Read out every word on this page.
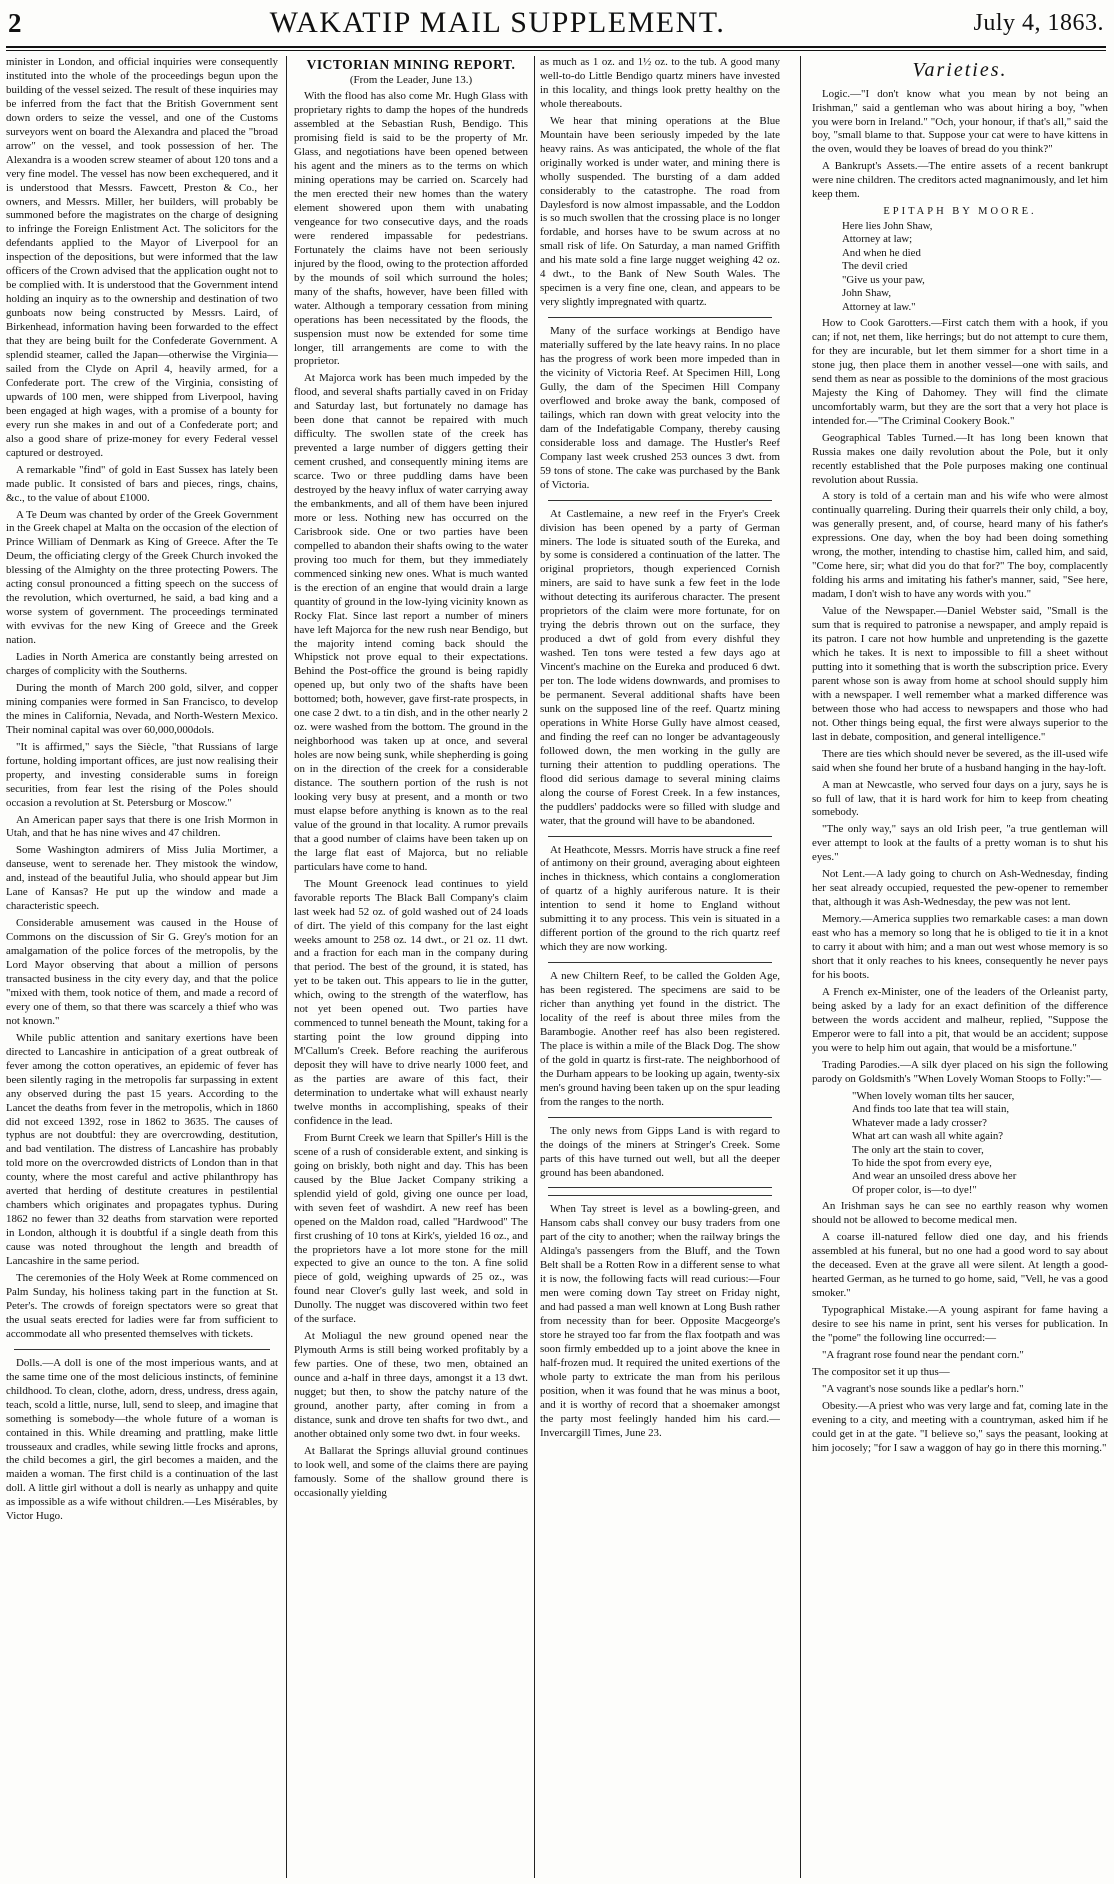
2	WAKATIP MAIL SUPPLEMENT.	July 4, 1863.

minister in London, and official inquiries were consequently instituted into the whole of the proceedings begun upon the building of the vessel seized. The result of these inquiries may be inferred from the fact that the British Government sent down orders to seize the vessel, and one of the Customs surveyors went on board the Alexandra and placed the "broad arrow" on the vessel, and took possession of her. The Alexandra is a wooden screw steamer of about 120 tons and a very fine model. The vessel has now been exchequered, and it is understood that Messrs. Fawcett, Preston & Co., her owners, and Messrs. Miller, her builders, will probably be summoned before the magistrates on the charge of designing to infringe the Foreign Enlistment Act. The solicitors for the defendants applied to the Mayor of Liverpool for an inspection of the depositions, but were informed that the law officers of the Crown advised that the application ought not to be complied with. It is understood that the Government intend holding an inquiry as to the ownership and destination of two gunboats now being constructed by Messrs. Laird, of Birkenhead, information having been forwarded to the effect that they are being built for the Confederate Government. A splendid steamer, called the Japan—otherwise the Virginia—sailed from the Clyde on April 4, heavily armed, for a Confederate port. The crew of the Virginia, consisting of upwards of 100 men, were shipped from Liverpool, having been engaged at high wages, with a promise of a bounty for every run she makes in and out of a Confederate port; and also a good share of prize-money for every Federal vessel captured or destroyed.

A remarkable "find" of gold in East Sussex has lately been made public. It consisted of bars and pieces, rings, chains, &c., to the value of about £1000.

A Te Deum was chanted by order of the Greek Government in the Greek chapel at Malta on the occasion of the election of Prince William of Denmark as King of Greece. After the Te Deum, the officiating clergy of the Greek Church invoked the blessing of the Almighty on the three protecting Powers. The acting consul pronounced a fitting speech on the success of the revolution, which overturned, he said, a bad king and a worse system of government. The proceedings terminated with evvivas for the new King of Greece and the Greek nation.

Ladies in North America are constantly being arrested on charges of complicity with the Southerns.

During the month of March 200 gold, silver, and copper mining companies were formed in San Francisco, to develop the mines in California, Nevada, and North-Western Mexico. Their nominal capital was over 60,000,000dols.

"It is affirmed," says the Siècle, "that Russians of large fortune, holding important offices, are just now realising their property, and investing considerable sums in foreign securities, from fear lest the rising of the Poles should occasion a revolution at St. Petersburg or Moscow."

An American paper says that there is one Irish Mormon in Utah, and that he has nine wives and 47 children.

Some Washington admirers of Miss Julia Mortimer, a danseuse, went to serenade her. They mistook the window, and, instead of the beautiful Julia, who should appear but Jim Lane of Kansas? He put up the window and made a characteristic speech.

Considerable amusement was caused in the House of Commons on the discussion of Sir G. Grey's motion for an amalgamation of the police forces of the metropolis, by the Lord Mayor observing that about a million of persons transacted business in the city every day, and that the police "mixed with them, took notice of them, and made a record of every one of them, so that there was scarcely a thief who was not known."

While public attention and sanitary exertions have been directed to Lancashire in anticipation of a great outbreak of fever among the cotton operatives, an epidemic of fever has been silently raging in the metropolis far surpassing in extent any observed during the past 15 years. According to the Lancet the deaths from fever in the metropolis, which in 1860 did not exceed 1392, rose in 1862 to 3635. The causes of typhus are not doubtful: they are overcrowding, destitution, and bad ventilation. The distress of Lancashire has probably told more on the overcrowded districts of London than in that county, where the most careful and active philanthropy has averted that herding of destitute creatures in pestilential chambers which originates and propagates typhus. During 1862 no fewer than 32 deaths from starvation were reported in London, although it is doubtful if a single death from this cause was noted throughout the length and breadth of Lancashire in the same period.

The ceremonies of the Holy Week at Rome commenced on Palm Sunday, his holiness taking part in the function at St. Peter's. The crowds of foreign spectators were so great that the usual seats erected for ladies were far from sufficient to accommodate all who presented themselves with tickets.

Dolls.—A doll is one of the most imperious wants, and at the same time one of the most delicious instincts, of feminine childhood. To clean, clothe, adorn, dress, undress, dress again, teach, scold a little, nurse, lull, send to sleep, and imagine that something is somebody—the whole future of a woman is contained in this. While dreaming and prattling, make little trousseaux and cradles, while sewing little frocks and aprons, the child becomes a girl, the girl becomes a maiden, and the maiden a woman. The first child is a continuation of the last doll. A little girl without a doll is nearly as unhappy and quite as impossible as a wife without children.—Les Misérables, by Victor Hugo.

VICTORIAN MINING REPORT.

(From the Leader, June 13.)

With the flood has also come Mr. Hugh Glass with proprietary rights to damp the hopes of the hundreds assembled at the Sebastian Rush, Bendigo. This promising field is said to be the property of Mr. Glass, and negotiations have been opened between his agent and the miners as to the terms on which mining operations may be carried on. Scarcely had the men erected their new homes than the watery element showered upon them with unabating vengeance for two consecutive days, and the roads were rendered impassable for pedestrians. Fortunately the claims have not been seriously injured by the flood, owing to the protection afforded by the mounds of soil which surround the holes; many of the shafts, however, have been filled with water. Although a temporary cessation from mining operations has been necessitated by the floods, the suspension must now be extended for some time longer, till arrangements are come to with the proprietor.

At Majorca work has been much impeded by the flood, and several shafts partially caved in on Friday and Saturday last, but fortunately no damage has been done that cannot be repaired with much difficulty. The swollen state of the creek has prevented a large number of diggers getting their cement crushed, and consequently mining items are scarce. Two or three puddling dams have been destroyed by the heavy influx of water carrying away the embankments, and all of them have been injured more or less. Nothing new has occurred on the Carisbrook side. One or two parties have been compelled to abandon their shafts owing to the water proving too much for them, but they immediately commenced sinking new ones. What is much wanted is the erection of an engine that would drain a large quantity of ground in the low-lying vicinity known as Rocky Flat. Since last report a number of miners have left Majorca for the new rush near Bendigo, but the majority intend coming back should the Whipstick not prove equal to their expectations. Behind the Post-office the ground is being rapidly opened up, but only two of the shafts have been bottomed; both, however, gave first-rate prospects, in one case 2 dwt. to a tin dish, and in the other nearly 2 oz. were washed from the bottom. The ground in the neighborhood was taken up at once, and several holes are now being sunk, while shepherding is going on in the direction of the creek for a considerable distance. The southern portion of the rush is not looking very busy at present, and a month or two must elapse before anything is known as to the real value of the ground in that locality. A rumor prevails that a good number of claims have been taken up on the large flat east of Majorca, but no reliable particulars have come to hand.

The Mount Greenock lead continues to yield favorable reports The Black Ball Company's claim last week had 52 oz. of gold washed out of 24 loads of dirt. The yield of this company for the last eight weeks amount to 258 oz. 14 dwt., or 21 oz. 11 dwt. and a fraction for each man in the company during that period. The best of the ground, it is stated, has yet to be taken out. This appears to lie in the gutter, which, owing to the strength of the waterflow, has not yet been opened out. Two parties have commenced to tunnel beneath the Mount, taking for a starting point the low ground dipping into M'Callum's Creek. Before reaching the auriferous deposit they will have to drive nearly 1000 feet, and as the parties are aware of this fact, their determination to undertake what will exhaust nearly twelve months in accomplishing, speaks of their confidence in the lead.

From Burnt Creek we learn that Spiller's Hill is the scene of a rush of considerable extent, and sinking is going on briskly, both night and day. This has been caused by the Blue Jacket Company striking a splendid yield of gold, giving one ounce per load, with seven feet of washdirt. A new reef has been opened on the Maldon road, called "Hardwood" The first crushing of 10 tons at Kirk's, yielded 16 oz., and the proprietors have a lot more stone for the mill expected to give an ounce to the ton. A fine solid piece of gold, weighing upwards of 25 oz., was found near Clover's gully last week, and sold in Dunolly. The nugget was discovered within two feet of the surface.

At Moliagul the new ground opened near the Plymouth Arms is still being worked profitably by a few parties. One of these, two men, obtained an ounce and a-half in three days, amongst it a 13 dwt. nugget; but then, to show the patchy nature of the ground, another party, after coming in from a distance, sunk and drove ten shafts for two dwt., and another obtained only some two dwt. in four weeks.

At Ballarat the Springs alluvial ground continues to look well, and some of the claims there are paying famously. Some of the shallow ground there is occasionally yielding

as much as 1 oz. and 1½ oz. to the tub. A good many well-to-do Little Bendigo quartz miners have invested in this locality, and things look pretty healthy on the whole thereabouts.

We hear that mining operations at the Blue Mountain have been seriously impeded by the late heavy rains. As was anticipated, the whole of the flat originally worked is under water, and mining there is wholly suspended. The bursting of a dam added considerably to the catastrophe. The road from Daylesford is now almost impassable, and the Loddon is so much swollen that the crossing place is no longer fordable, and horses have to be swum across at no small risk of life. On Saturday, a man named Griffith and his mate sold a fine large nugget weighing 42 oz. 4 dwt., to the Bank of New South Wales. The specimen is a very fine one, clean, and appears to be very slightly impregnated with quartz.

Many of the surface workings at Bendigo have materially suffered by the late heavy rains. In no place has the progress of work been more impeded than in the vicinity of Victoria Reef. At Specimen Hill, Long Gully, the dam of the Specimen Hill Company overflowed and broke away the bank, composed of tailings, which ran down with great velocity into the dam of the Indefatigable Company, thereby causing considerable loss and damage. The Hustler's Reef Company last week crushed 253 ounces 3 dwt. from 59 tons of stone. The cake was purchased by the Bank of Victoria.

At Castlemaine, a new reef in the Fryer's Creek division has been opened by a party of German miners. The lode is situated south of the Eureka, and by some is considered a continuation of the latter. The original proprietors, though experienced Cornish miners, are said to have sunk a few feet in the lode without detecting its auriferous character. The present proprietors of the claim were more fortunate, for on trying the debris thrown out on the surface, they produced a dwt of gold from every dishful they washed. Ten tons were tested a few days ago at Vincent's machine on the Eureka and produced 6 dwt. per ton. The lode widens downwards, and promises to be permanent. Several additional shafts have been sunk on the supposed line of the reef. Quartz mining operations in White Horse Gully have almost ceased, and finding the reef can no longer be advantageously followed down, the men working in the gully are turning their attention to puddling operations. The flood did serious damage to several mining claims along the course of Forest Creek. In a few instances, the puddlers' paddocks were so filled with sludge and water, that the ground will have to be abandoned.

At Heathcote, Messrs. Morris have struck a fine reef of antimony on their ground, averaging about eighteen inches in thickness, which contains a conglomeration of quartz of a highly auriferous nature. It is their intention to send it home to England without submitting it to any process. This vein is situated in a different portion of the ground to the rich quartz reef which they are now working.

A new Chiltern Reef, to be called the Golden Age, has been registered. The specimens are said to be richer than anything yet found in the district. The locality of the reef is about three miles from the Barambogie. Another reef has also been registered. The place is within a mile of the Black Dog. The show of the gold in quartz is first-rate. The neighborhood of the Durham appears to be looking up again, twenty-six men's ground having been taken up on the spur leading from the ranges to the north.

The only news from Gipps Land is with regard to the doings of the miners at Stringer's Creek. Some parts of this have turned out well, but all the deeper ground has been abandoned.

When Tay street is level as a bowling-green, and Hansom cabs shall convey our busy traders from one part of the city to another; when the railway brings the Aldinga's passengers from the Bluff, and the Town Belt shall be a Rotten Row in a different sense to what it is now, the following facts will read curious:—Four men were coming down Tay street on Friday night, and had passed a man well known at Long Bush rather from necessity than for beer. Opposite Macgeorge's store he strayed too far from the flax footpath and was soon firmly embedded up to a joint above the knee in half-frozen mud. It required the united exertions of the whole party to extricate the man from his perilous position, when it was found that he was minus a boot, and it is worthy of record that a shoemaker amongst the party most feelingly handed him his card.—Invercargill Times, June 23.

Varieties.

Logic.—"I don't know what you mean by not being an Irishman," said a gentleman who was about hiring a boy, "when you were born in Ireland." "Och, your honour, if that's all," said the boy, "small blame to that. Suppose your cat were to have kittens in the oven, would they be loaves of bread do you think?"

A Bankrupt's Assets.—The entire assets of a recent bankrupt were nine children. The creditors acted magnanimously, and let him keep them.

EPITAPH BY MOORE.
Here lies John Shaw,
Attorney at law;
And when he died
The devil cried
"Give us your paw,
John Shaw,
Attorney at law."

How to Cook Garotters.—First catch them with a hook, if you can; if not, net them, like herrings; but do not attempt to cure them, for they are incurable, but let them simmer for a short time in a stone jug, then place them in another vessel—one with sails, and send them as near as possible to the dominions of the most gracious Majesty the King of Dahomey. They will find the climate uncomfortably warm, but they are the sort that a very hot place is intended for.—"The Criminal Cookery Book."

Geographical Tables Turned.—It has long been known that Russia makes one daily revolution about the Pole, but it only recently established that the Pole purposes making one continual revolution about Russia.

A story is told of a certain man and his wife who were almost continually quarreling. During their quarrels their only child, a boy, was generally present, and, of course, heard many of his father's expressions. One day, when the boy had been doing something wrong, the mother, intending to chastise him, called him, and said, "Come here, sir; what did you do that for?" The boy, complacently folding his arms and imitating his father's manner, said, "See here, madam, I don't wish to have any words with you."

Value of the Newspaper.—Daniel Webster said, "Small is the sum that is required to patronise a newspaper, and amply repaid is its patron. I care not how humble and unpretending is the gazette which he takes. It is next to impossible to fill a sheet without putting into it something that is worth the subscription price. Every parent whose son is away from home at school should supply him with a newspaper. I well remember what a marked difference was between those who had access to newspapers and those who had not. Other things being equal, the first were always superior to the last in debate, composition, and general intelligence."

There are ties which should never be severed, as the ill-used wife said when she found her brute of a husband hanging in the hay-loft.

A man at Newcastle, who served four days on a jury, says he is so full of law, that it is hard work for him to keep from cheating somebody.

"The only way," says an old Irish peer, "a true gentleman will ever attempt to look at the faults of a pretty woman is to shut his eyes."

Not Lent.—A lady going to church on Ash-Wednesday, finding her seat already occupied, requested the pew-opener to remember that, although it was Ash-Wednesday, the pew was not lent.

Memory.—America supplies two remarkable cases: a man down east who has a memory so long that he is obliged to tie it in a knot to carry it about with him; and a man out west whose memory is so short that it only reaches to his knees, consequently he never pays for his boots.

A French ex-Minister, one of the leaders of the Orleanist party, being asked by a lady for an exact definition of the difference between the words accident and malheur, replied, "Suppose the Emperor were to fall into a pit, that would be an accident; suppose you were to help him out again, that would be a misfortune."

Trading Parodies.—A silk dyer placed on his sign the following parody on Goldsmith's "When Lovely Woman Stoops to Folly:"—

"When lovely woman tilts her saucer,
And finds too late that tea will stain,
Whatever made a lady crosser?
What art can wash all white again?
The only art the stain to cover,
To hide the spot from every eye,
And wear an unsoiled dress above her
Of proper color, is—to dye!"

An Irishman says he can see no earthly reason why women should not be allowed to become medical men.

A coarse ill-natured fellow died one day, and his friends assembled at his funeral, but no one had a good word to say about the deceased. Even at the grave all were silent. At length a good-hearted German, as he turned to go home, said, "Vell, he vas a good smoker."

Typographical Mistake.—A young aspirant for fame having a desire to see his name in print, sent his verses for publication. In the "pome" the following line occurred:—

"A fragrant rose found near the pendant corn."

The compositor set it up thus—

"A vagrant's nose sounds like a pedlar's horn."

Obesity.—A priest who was very large and fat, coming late in the evening to a city, and meeting with a countryman, asked him if he could get in at the gate. "I believe so," says the peasant, looking at him jocosely; "for I saw a waggon of hay go in there this morning."
